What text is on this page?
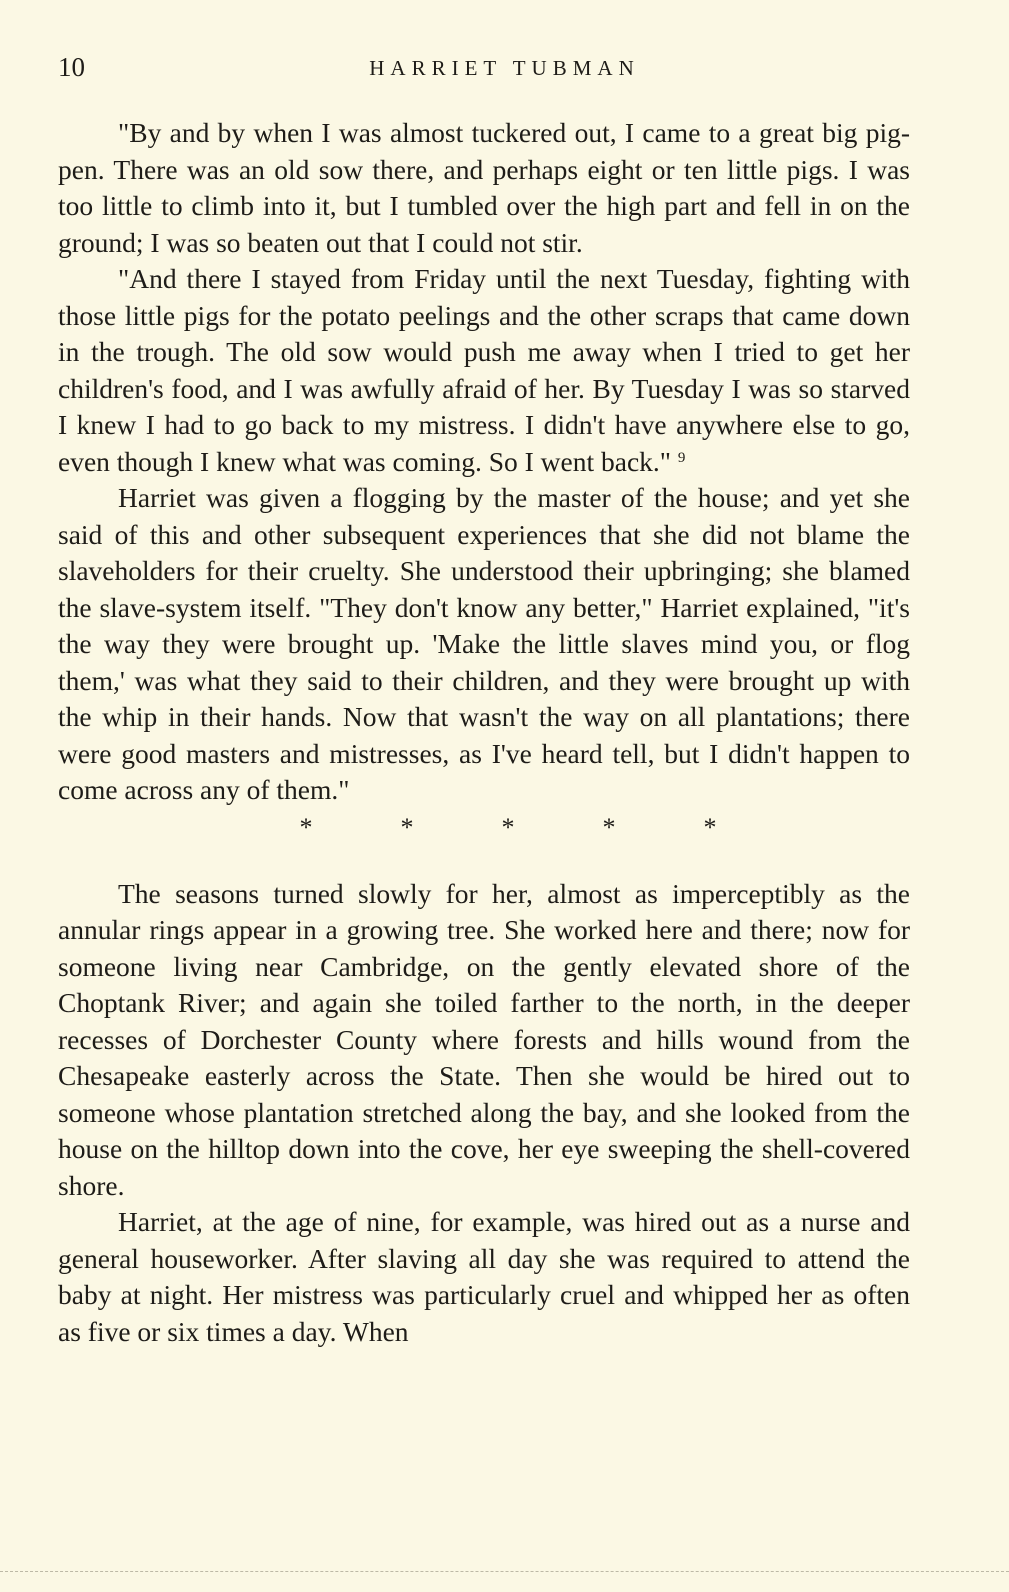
10	HARRIET TUBMAN

"By and by when I was almost tuckered out, I came to a great big pig-pen. There was an old sow there, and perhaps eight or ten little pigs. I was too little to climb into it, but I tumbled over the high part and fell in on the ground; I was so beaten out that I could not stir.

"And there I stayed from Friday until the next Tuesday, fighting with those little pigs for the potato peelings and the other scraps that came down in the trough. The old sow would push me away when I tried to get her children's food, and I was awfully afraid of her. By Tuesday I was so starved I knew I had to go back to my mistress. I didn't have anywhere else to go, even though I knew what was coming. So I went back." $^9$

Harriet was given a flogging by the master of the house; and yet she said of this and other subsequent experiences that she did not blame the slaveholders for their cruelty. She understood their upbringing; she blamed the slave-system itself. "They don't know any better," Harriet explained, "it's the way they were brought up. 'Make the little slaves mind you, or flog them,' was what they said to their children, and they were brought up with the whip in their hands. Now that wasn't the way on all plantations; there were good masters and mistresses, as I've heard tell, but I didn't happen to come across any of them."

*	*	*	*	*

The seasons turned slowly for her, almost as imperceptibly as the annular rings appear in a growing tree. She worked here and there; now for someone living near Cambridge, on the gently elevated shore of the Choptank River; and again she toiled farther to the north, in the deeper recesses of Dorchester County where forests and hills wound from the Chesapeake easterly across the State. Then she would be hired out to someone whose plantation stretched along the bay, and she looked from the house on the hilltop down into the cove, her eye sweeping the shell-covered shore.

Harriet, at the age of nine, for example, was hired out as a nurse and general houseworker. After slaving all day she was required to attend the baby at night. Her mistress was particularly cruel and whipped her as often as five or six times a day. When
